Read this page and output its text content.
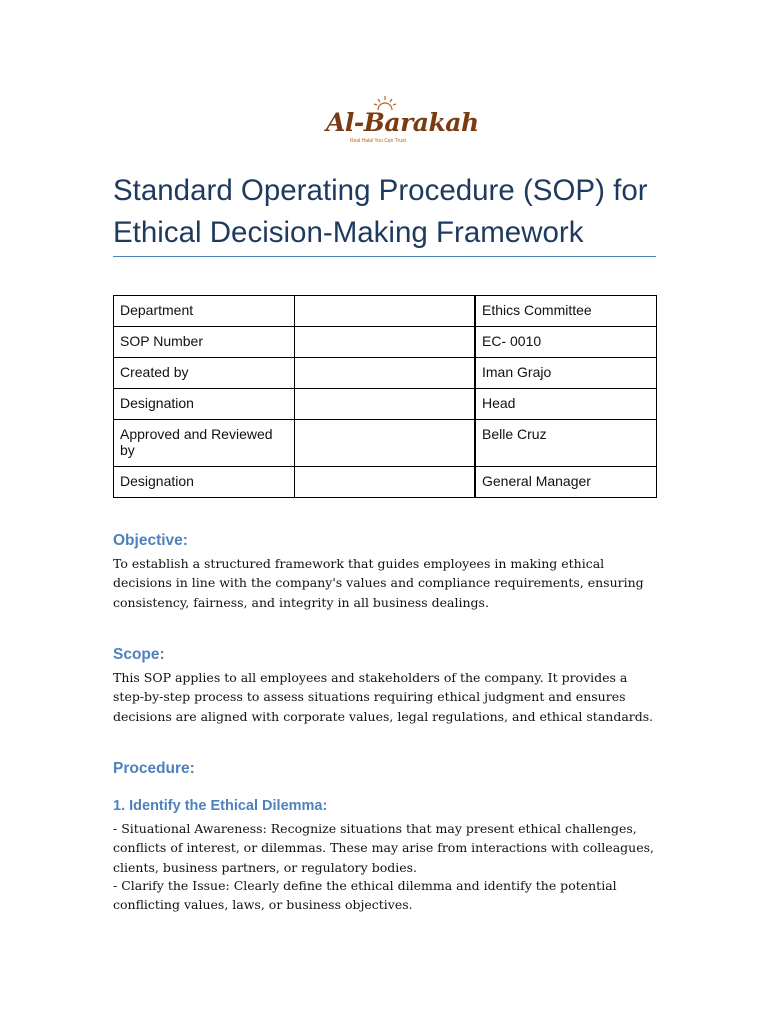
Al-Barakah
Real Halal You Can Trust
Standard Operating Procedure (SOP) for Ethical Decision-Making Framework
Department		Ethics Committee
SOP Number		EC- 0010
Created by		Iman Grajo
Designation		Head
Approved and Reviewed by		Belle Cruz
Designation		General Manager
Objective:

To establish a structured framework that guides employees in making ethical decisions in line with the company's values and compliance requirements, ensuring consistency, fairness, and integrity in all business dealings.

Scope:

This SOP applies to all employees and stakeholders of the company. It provides a step-by-step process to assess situations requiring ethical judgment and ensures decisions are aligned with corporate values, legal regulations, and ethical standards.

Procedure:
1. Identify the Ethical Dilemma:

- Situational Awareness: Recognize situations that may present ethical challenges, conflicts of interest, or dilemmas. These may arise from interactions with colleagues, clients, business partners, or regulatory bodies.

- Clarify the Issue: Clearly define the ethical dilemma and identify the potential conflicting values, laws, or business objectives.
